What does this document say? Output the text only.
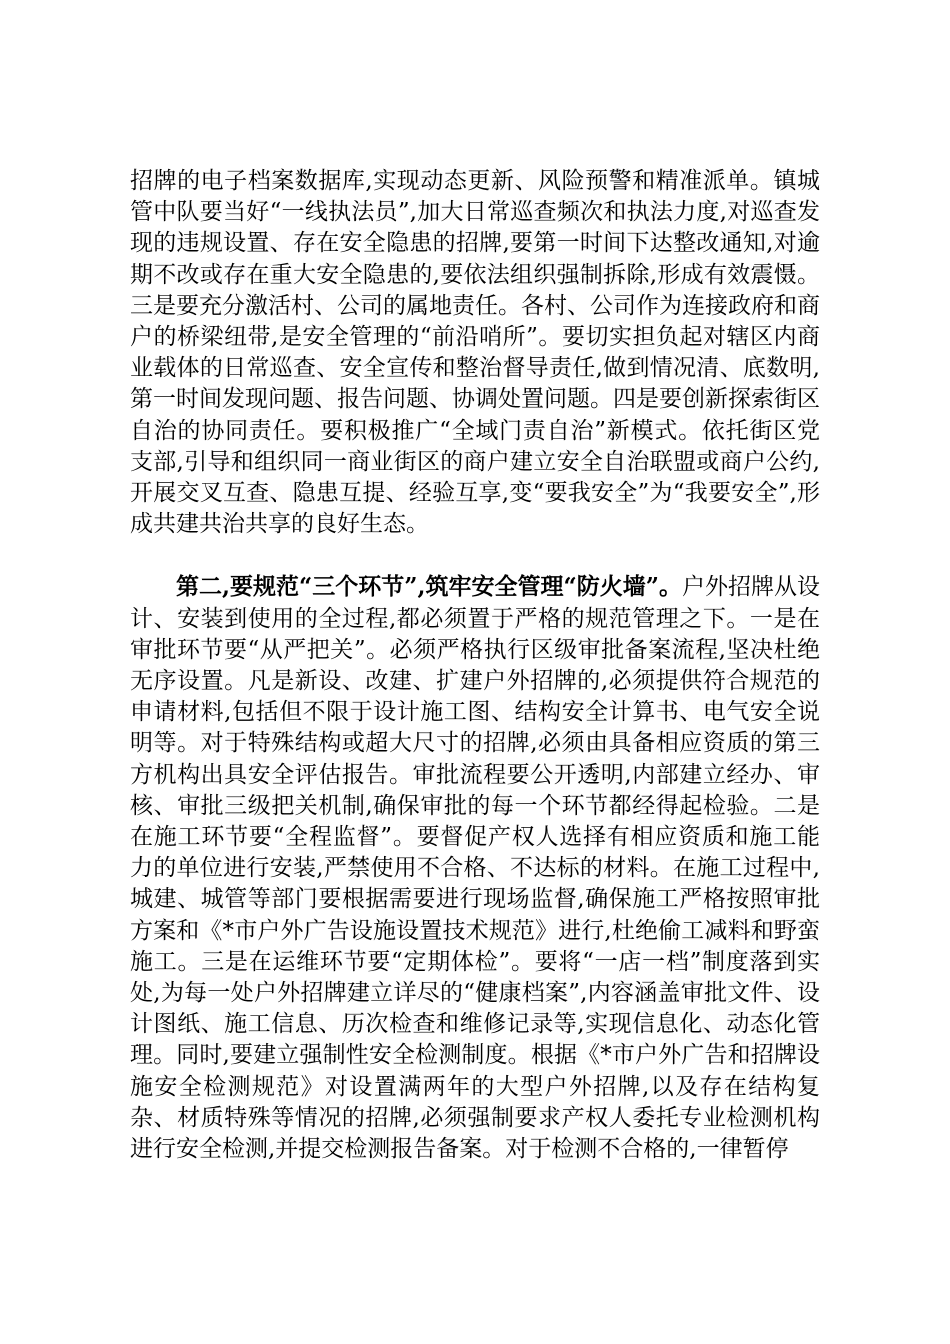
招牌的电子档案数据库,实现动态更新、风险预警和精准派单。镇城管中队要当好“一线执法员”,加大日常巡查频次和执法力度,对巡查发现的违规设置、存在安全隐患的招牌,要第一时间下达整改通知,对逾期不改或存在重大安全隐患的,要依法组织强制拆除,形成有效震慑。三是要充分激活村、公司的属地责任。各村、公司作为连接政府和商户的桥梁纽带,是安全管理的“前沿哨所”。要切实担负起对辖区内商业载体的日常巡查、安全宣传和整治督导责任,做到情况清、底数明,第一时间发现问题、报告问题、协调处置问题。四是要创新探索街区自治的协同责任。要积极推广“全域门责自治”新模式。依托街区党支部,引导和组织同一商业街区的商户建立安全自治联盟或商户公约,开展交叉互查、隐患互提、经验互享,变“要我安全”为“我要安全”,形成共建共治共享的良好生态。

第二,要规范“三个环节”,筑牢安全管理“防火墙”。户外招牌从设计、安装到使用的全过程,都必须置于严格的规范管理之下。一是在审批环节要“从严把关”。必须严格执行区级审批备案流程,坚决杜绝无序设置。凡是新设、改建、扩建户外招牌的,必须提供符合规范的申请材料,包括但不限于设计施工图、结构安全计算书、电气安全说明等。对于特殊结构或超大尺寸的招牌,必须由具备相应资质的第三方机构出具安全评估报告。审批流程要公开透明,内部建立经办、审核、审批三级把关机制,确保审批的每一个环节都经得起检验。二是在施工环节要“全程监督”。要督促产权人选择有相应资质和施工能力的单位进行安装,严禁使用不合格、不达标的材料。在施工过程中,城建、城管等部门要根据需要进行现场监督,确保施工严格按照审批方案和《*市户外广告设施设置技术规范》进行,杜绝偷工减料和野蛮施工。三是在运维环节要“定期体检”。要将“一店一档”制度落到实处,为每一处户外招牌建立详尽的“健康档案”,内容涵盖审批文件、设计图纸、施工信息、历次检查和维修记录等,实现信息化、动态化管理。同时,要建立强制性安全检测制度。根据《*市户外广告和招牌设施安全检测规范》对设置满两年的大型户外招牌,以及存在结构复杂、材质特殊等情况的招牌,必须强制要求产权人委托专业检测机构进行安全检测,并提交检测报告备案。对于检测不合格的,一律暂停
